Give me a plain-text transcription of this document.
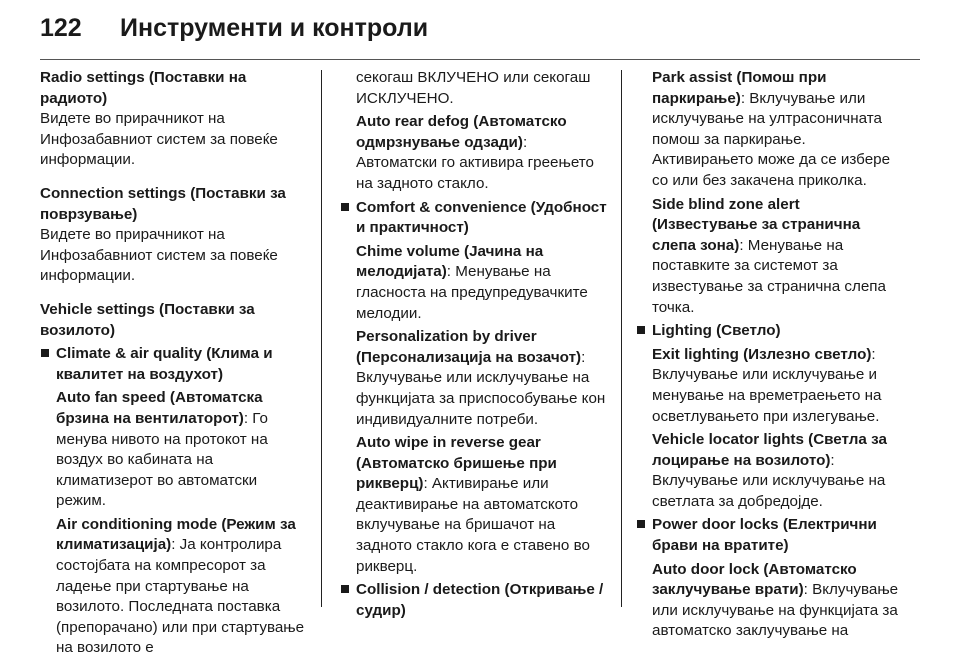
122 Инструменти и контроли
Radio settings (Поставки на радиото)

Видете во прирачникот на Инфозабавниот систем за повеќе информации.

Connection settings (Поставки за поврзување)

Видете во прирачникот на Инфозабавниот систем за повеќе информации.

Vehicle settings (Поставки за возилото)
Climate & air quality (Клима и квалитет на воздухот)

Auto fan speed (Автоматска брзина на вентилаторот): Го менува нивото на протокот на воздух во кабината на климатизерот во автоматски режим.

Air conditioning mode (Режим за климатизација): Ја контролира состојбата на компресорот за ладење при стартување на возилото. Последната поставка (препорачано) или при стартување на возилото е

секогаш ВКЛУЧЕНО или секогаш ИСКЛУЧЕНО.

Auto rear defog (Автоматско одмрзнување одзади): Автоматски го активира греењето на задното стакло.

Comfort & convenience (Удобност и практичност)

Chime volume (Јачина на мелодијата): Менување на гласноста на предупредувачките мелодии.

Personalization by driver (Персонализација на возачот): Вклучување или исклучување на функцијата за приспособување кон индивидуалните потреби.

Auto wipe in reverse gear (Автоматско бришење при рикверц): Активирање или деактивирање на автоматското вклучување на бришачот на задното стакло кога е ставено во рикверц.

Collision / detection (Откривање / судир)

Park assist (Помош при паркирање): Вклучување или исклучување на ултрасоничната помош за паркирање. Активирањето може да се избере со или без закачена приколка.

Side blind zone alert (Известување за странична слепа зона): Менување на поставките за системот за известување за странична слепа точка.

Lighting (Светло)

Exit lighting (Излезно светло): Вклучување или исклучување и менување на времетраењето на осветлувањето при излегување.

Vehicle locator lights (Светла за лоцирање на возилото): Вклучување или исклучување на светлата за добредојде.

Power door locks (Електрични брави на вратите)

Auto door lock (Автоматско заклучување врати): Вклучување или исклучување на функцијата за автоматско заклучување на
